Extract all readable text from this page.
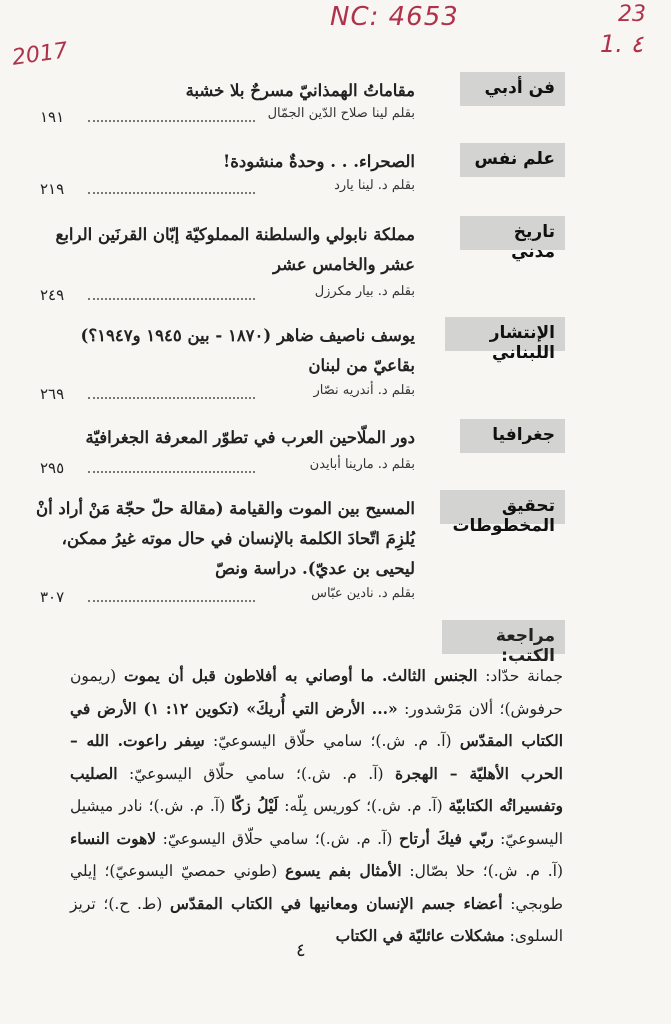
NC: 4653	23
1. ٤
2017
فن أدبي
مقاماتُ الهمذانيّ مسرحٌ بلا خشبة
بقلم لينا صلاح الدّين الجمّال
١٩١
علم نفس
الصحراء. . . وحدةٌ منشودة!
بقلم د. لينا يارد
٢١٩
تاريخ مدني
مملكة نابولي والسلطنة المملوكيّة إبّان القرنَين الرابع عشر والخامس عشر
بقلم د. بيار مكرزل
٢٤٩
الإنتشار اللبناني
يوسف ناصيف ضاهر (١٨٧٠ - بين ١٩٤٥ و١٩٤٧؟) بقاعيّ من لبنان
بقلم د. أندريه نصّار
٢٦٩
جغرافيا
دور الملّاحين العرب في تطوّر المعرفة الجغرافيّة
بقلم د. مارينا أبايدن
٢٩٥
تحقيق المخطوطات
المسيح بين الموت والقيامة (مقالة حلّ حجّة مَنْ أراد أنْ يُلزِمَ اتّحادَ الكلمة بالإنسان في حال موته غيرُ ممكن، ليحيى بن عديّ). دراسة ونصّ
بقلم د. نادين عبّاس
٣٠٧
مراجعة الكتب:
جمانة حدّاد: الجنس الثالث. ما أوصاني به أفلاطون قبل أن يموت (ريمون حرفوش)؛ ألان مَرْشدور: «... الأرض التي أُريكَ» (تكوين ١٢: ١) الأرض في الكتاب المقدّس (آ. م. ش.)؛ سامي حلّاق اليسوعيّ: سِفر راعوت. الله – الحرب الأهليّة – الهجرة (آ. م. ش.)؛ سامي حلّاق اليسوعيّ: الصليب وتفسيراتُه الكتابيّة (آ. م. ش.)؛ كوريس بِلّه: لَيْلُ زكّا (آ. م. ش.)؛ نادر ميشيل اليسوعيّ: ربّي فيكَ أرتاح (آ. م. ش.)؛ سامي حلّاق اليسوعيّ: لاهوت النساء (آ. م. ش.)؛ حلا بصّال: الأمثال بفم يسوع (طوني حمصيّ اليسوعيّ)؛ إيلي طوبجي: أعضاء جسم الإنسان ومعانيها في الكتاب المقدّس (ط. ح.)؛ تريز السلوى: مشكلات عائليّة في الكتاب
٤
